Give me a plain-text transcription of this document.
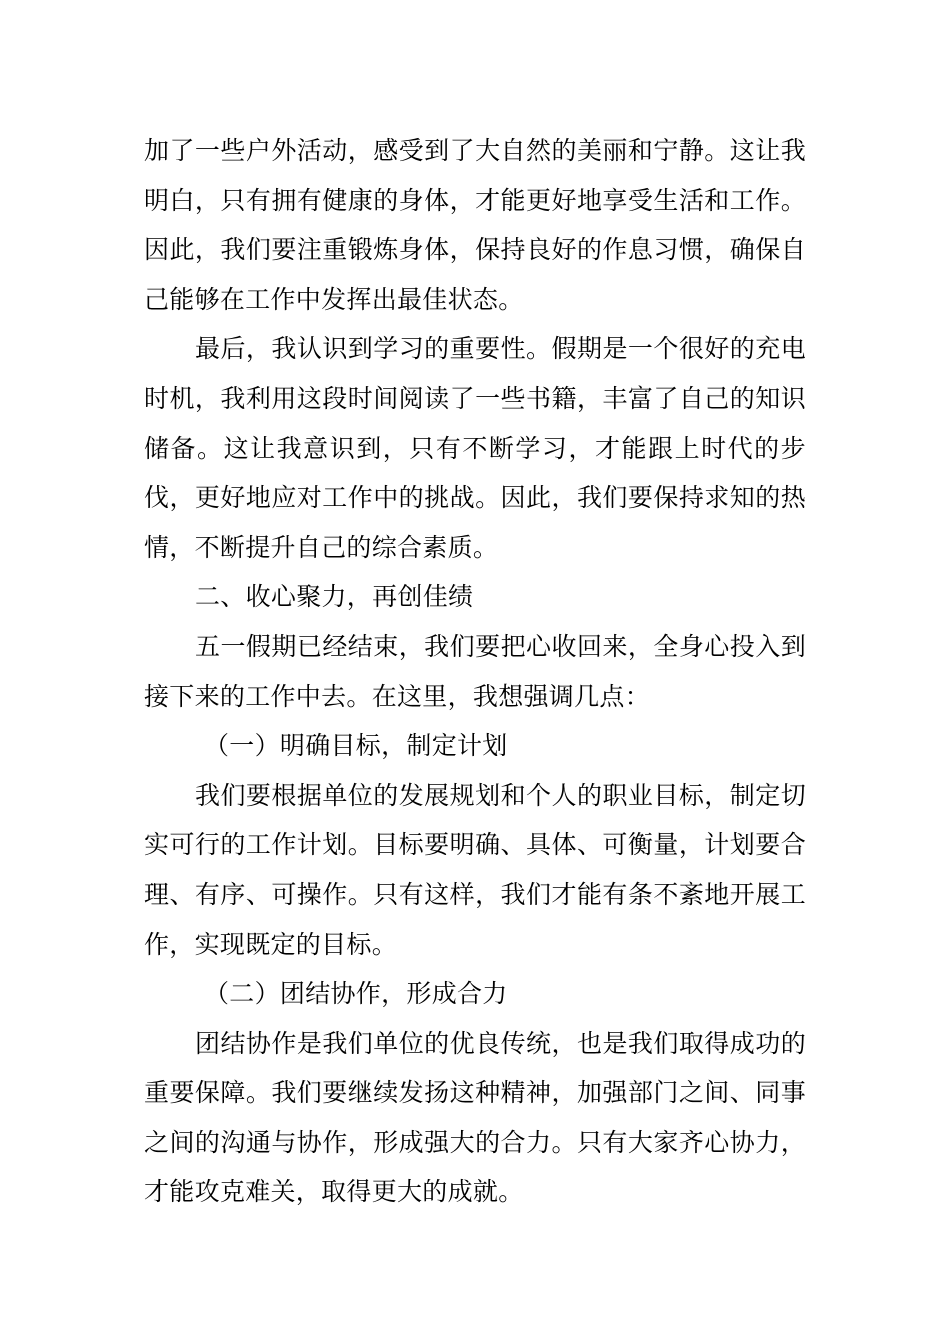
加了一些户外活动，感受到了大自然的美丽和宁静。这让我明白，只有拥有健康的身体，才能更好地享受生活和工作。因此，我们要注重锻炼身体，保持良好的作息习惯，确保自己能够在工作中发挥出最佳状态。

最后，我认识到学习的重要性。假期是一个很好的充电时机，我利用这段时间阅读了一些书籍，丰富了自己的知识储备。这让我意识到，只有不断学习，才能跟上时代的步伐，更好地应对工作中的挑战。因此，我们要保持求知的热情，不断提升自己的综合素质。

二、收心聚力，再创佳绩

五一假期已经结束，我们要把心收回来，全身心投入到接下来的工作中去。在这里，我想强调几点：

（一）明确目标，制定计划

我们要根据单位的发展规划和个人的职业目标，制定切实可行的工作计划。目标要明确、具体、可衡量，计划要合理、有序、可操作。只有这样，我们才能有条不紊地开展工作，实现既定的目标。

（二）团结协作，形成合力

团结协作是我们单位的优良传统，也是我们取得成功的重要保障。我们要继续发扬这种精神，加强部门之间、同事之间的沟通与协作，形成强大的合力。只有大家齐心协力，才能攻克难关，取得更大的成就。
